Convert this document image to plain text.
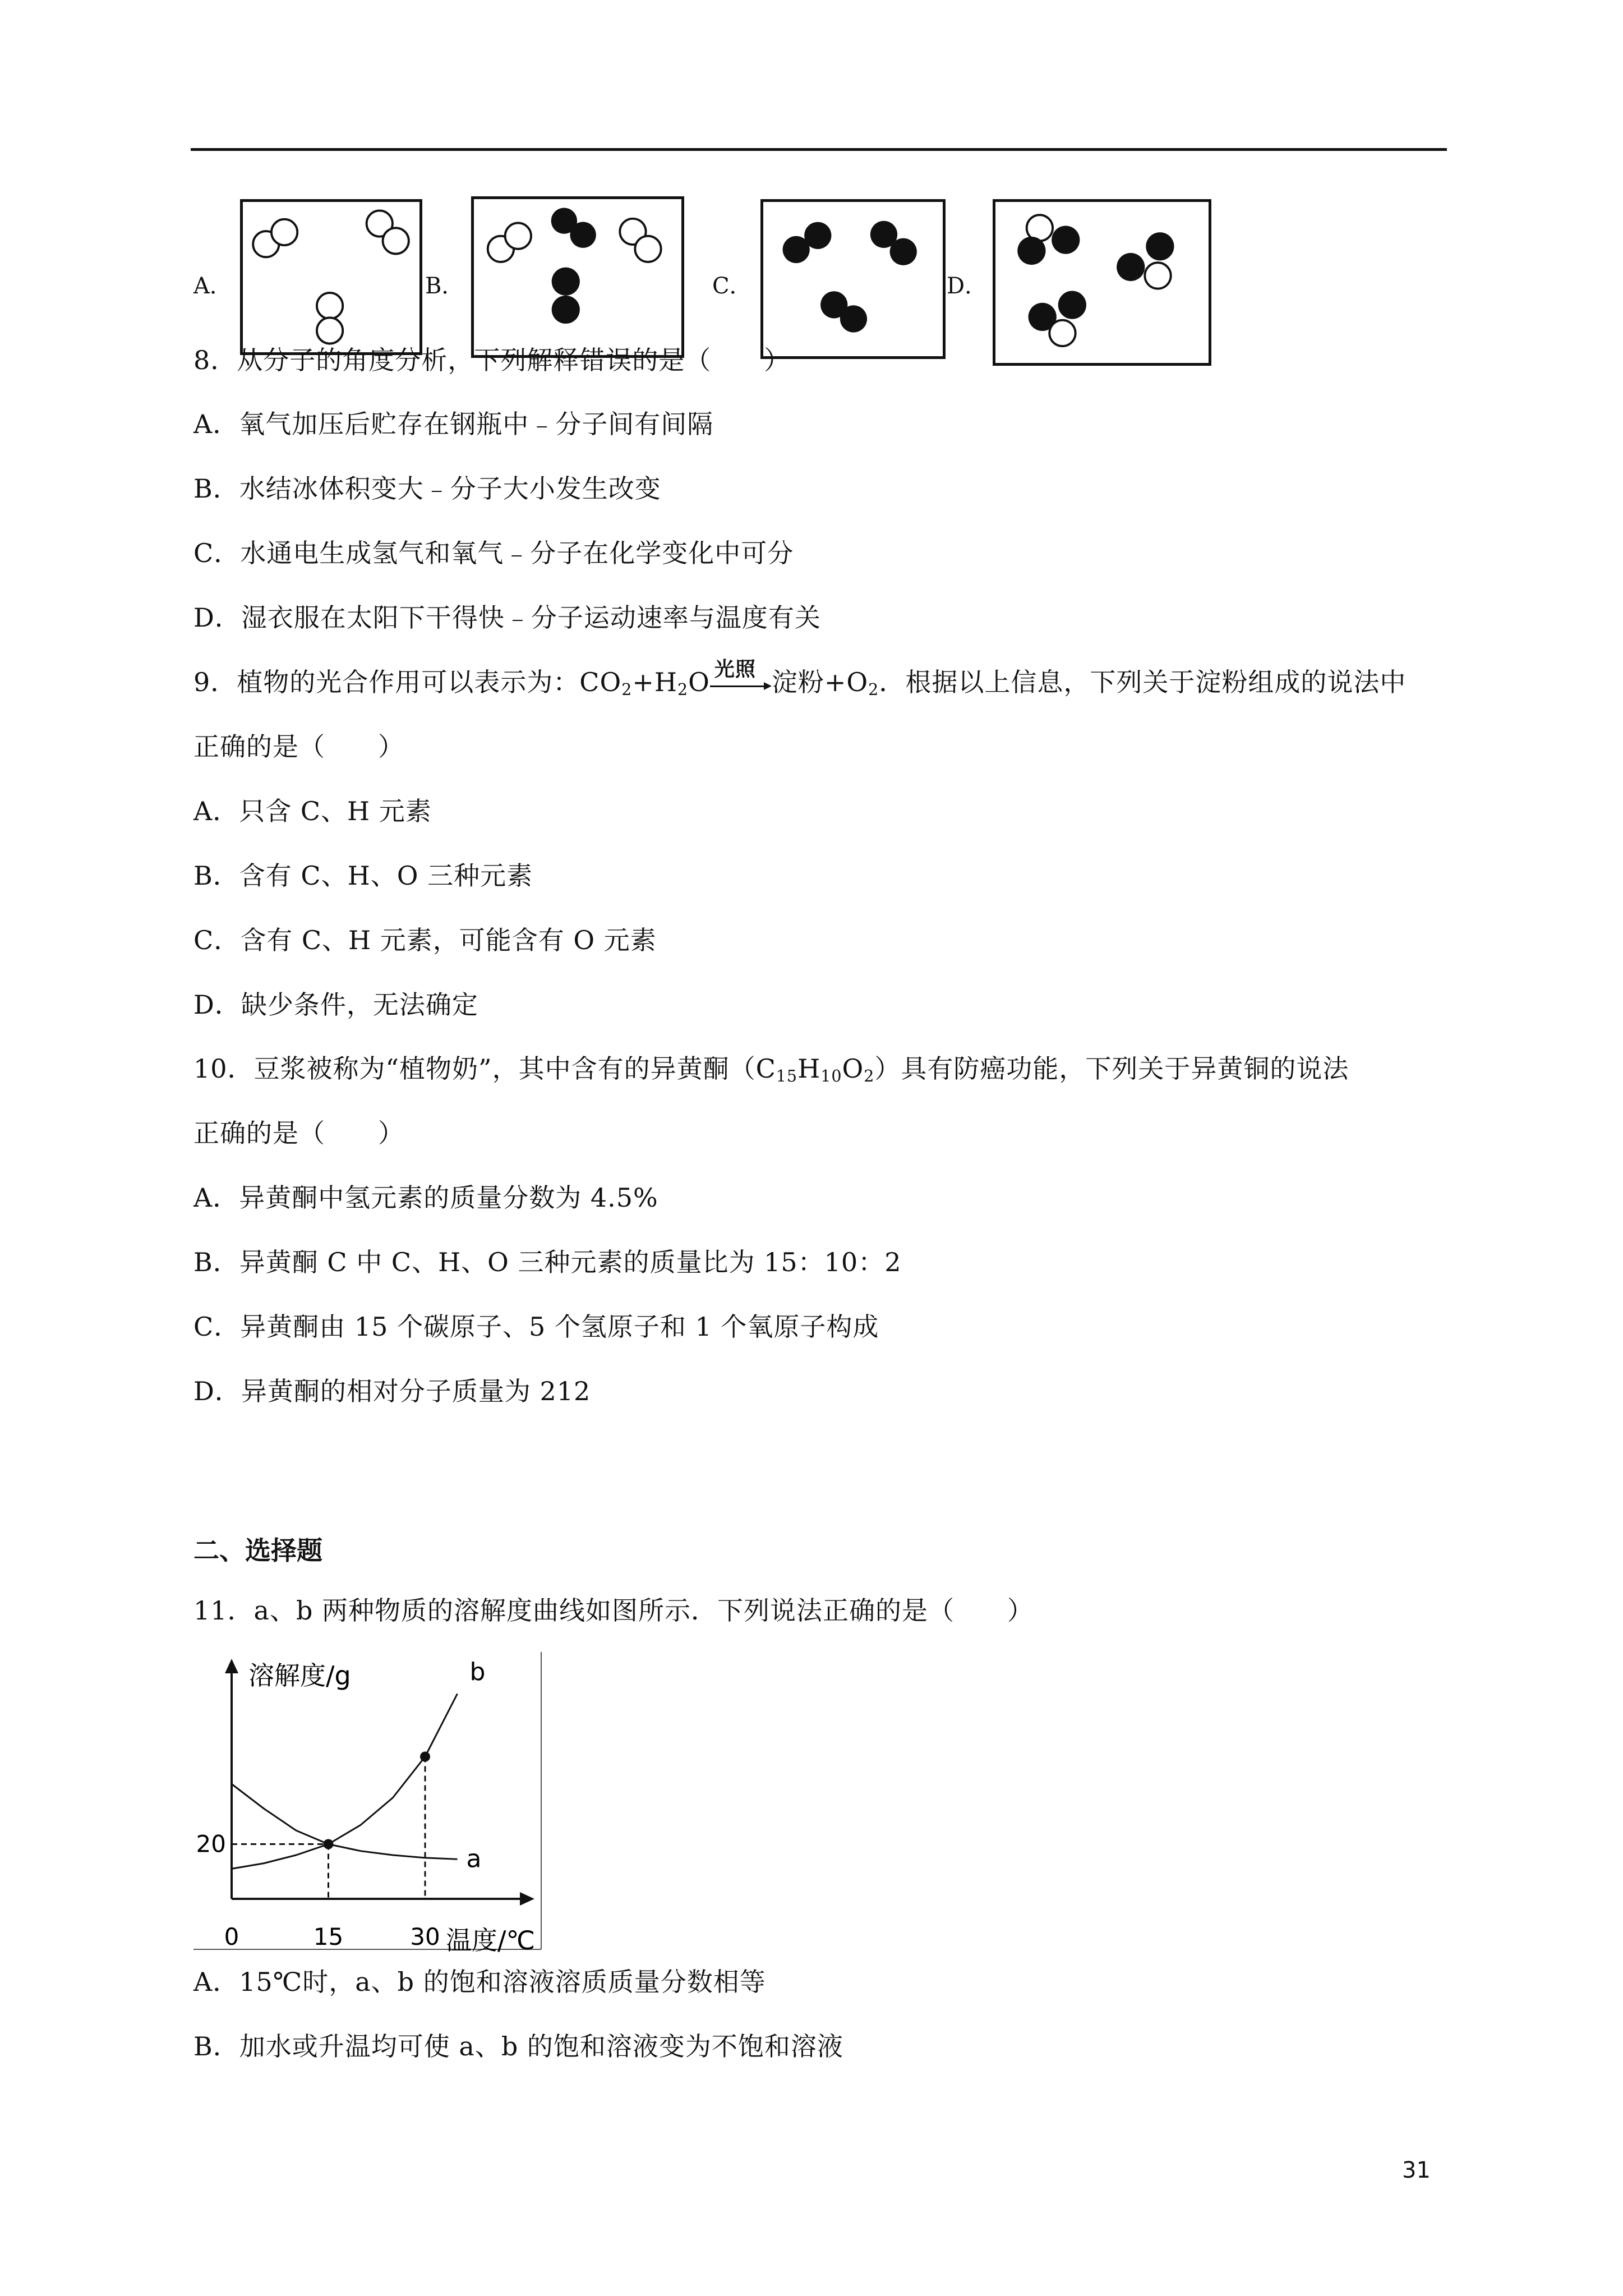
A．	B．	C．	D．
8．从分子的角度分析，下列解释错误的是（　　）
A．氧气加压后贮存在钢瓶中﹣分子间有间隔
B．水结冰体积变大﹣分子大小发生改变
C．水通电生成氢气和氧气﹣分子在化学变化中可分
D．湿衣服在太阳下干得快﹣分子运动速率与温度有关
9．植物的光合作用可以表示为：$CO_2+H_2O$ 光照 淀粉$+O_2$．根据以上信息，下列关于淀粉组成的说法中
正确的是（　　）
A．只含 C、H 元素
B．含有 C、H、O 三种元素
C．含有 C、H 元素，可能含有 O 元素
D．缺少条件，无法确定
10．豆浆被称为“植物奶”，其中含有的异黄酮$(C_{15}H_{10}O_2)$具有防癌功能，下列关于异黄铜的说法
正确的是（　　）
A．异黄酮中氢元素的质量分数为 4.5%
B．异黄酮 C 中 C、H、O 三种元素的质量比为 15：10：2
C．异黄酮由 15 个碳原子、5 个氢原子和 1 个氧原子构成
D．异黄酮的相对分子质量为 212
二、选择题
11．a、b 两种物质的溶解度曲线如图所示．下列说法正确的是（　　）
溶解度/g
温度/℃
a
b
0	15	30
20
A．15℃时，a、b 的饱和溶液溶质质量分数相等
B．加水或升温均可使 a、b 的饱和溶液变为不饱和溶液
31
